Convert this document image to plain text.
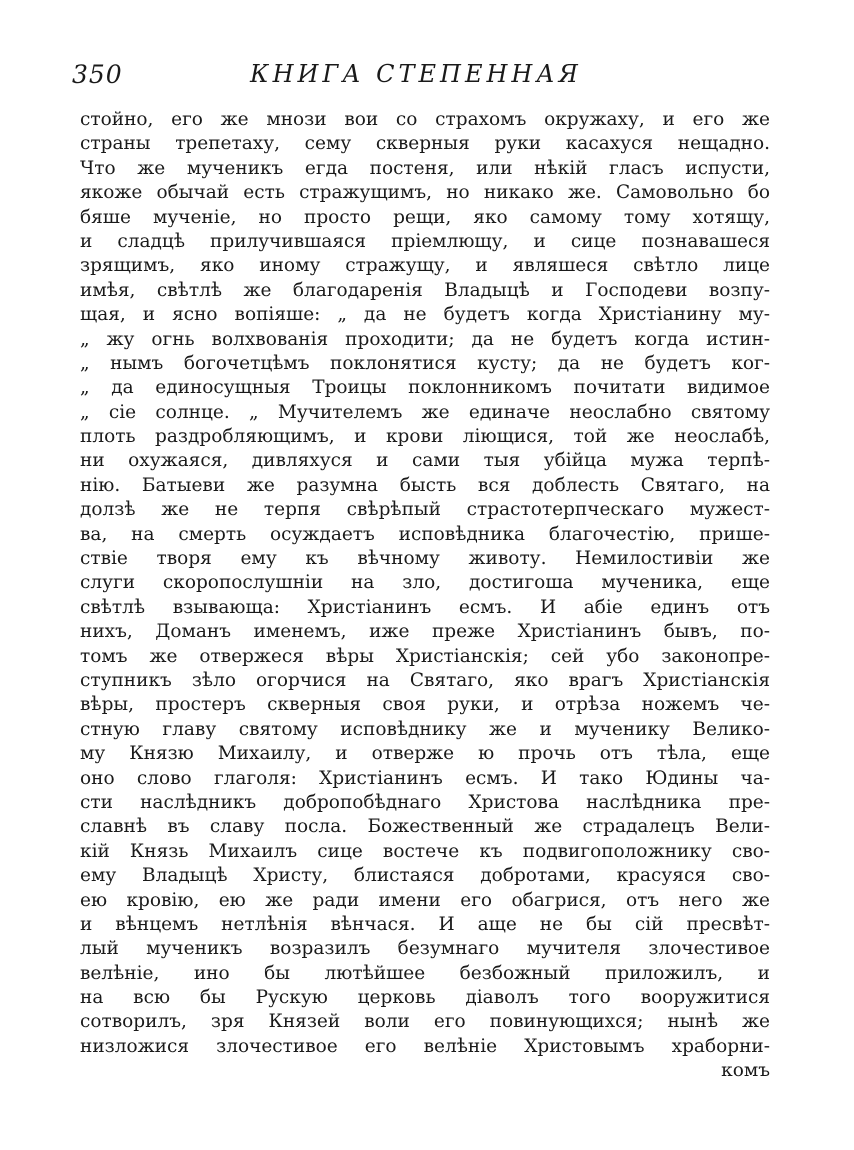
350	КНИГА СТЕПЕННАЯ
стойно, его же мнози вои со страхомъ окружаху, и его же
страны трепетаху, сему скверныя руки касахуся нещадно.
Что же мученикъ егда постеня, или нѣкій гласъ испусти,
якоже обычай есть стражущимъ, но никако же. Самовольно бо
бяше мученіе, но просто рещи, яко самому тому хотящу,
и сладцѣ прилучившаяся пріемлющу, и сице познавашеся
зрящимъ, яко иному стражущу, и являшеся свѣтло лице
имѣя, свѣтлѣ же благодаренія Владыцѣ и Господеви возпу-
щая, и ясно вопіяше: „ да не будетъ когда Христіанину му-
„ жу огнь волхвованія проходити; да не будетъ когда истин-
„ нымъ богочетцѣмъ поклонятися кусту; да не будетъ ког-
„ да единосущныя Троицы поклонникомъ почитати видимое
„ сіе солнце. „ Мучителемъ же единаче неослабно святому
плоть раздробляющимъ, и крови ліющися, той же неослабѣ,
ни охужаяся, дивляхуся и сами тыя убійца мужа терпѣ-
нію. Батыеви же разумна бысть вся доблесть Святаго, на
долзѣ же не терпя свѣрѣпый страстотерпческаго мужест-
ва, на смерть осуждаетъ исповѣдника благочестію, прише-
ствіе творя ему къ вѣчному животу. Немилостивіи же
слуги скоропослушніи на зло, достигоша мученика, еще
свѣтлѣ взывающа: Христіанинъ есмъ. И абіе единъ отъ
нихъ, Доманъ именемъ, иже преже Христіанинъ бывъ, по-
томъ же отвержеся вѣры Христіанскія; сей убо законопре-
ступникъ зѣло огорчися на Святаго, яко врагъ Христіанскія
вѣры, простеръ скверныя своя руки, и отрѣза ножемъ че-
стную главу святому исповѣднику же и мученику Велико-
му Князю Михаилу, и отверже ю прочь отъ тѣла, еще
оно слово глаголя: Христіанинъ есмъ. И тако Юдины ча-
сти наслѣдникъ добропобѣднаго Христова наслѣдника пре-
славнѣ въ славу посла. Божественный же страдалецъ Вели-
кій Князь Михаилъ сице востече къ подвигоположнику сво-
ему Владыцѣ Христу, блистаяся добротами, красуяся сво-
ею кровію, ею же ради имени его обагрися, отъ него же
и вѣнцемъ нетлѣнія вѣнчася. И аще не бы сій пресвѣт-
лый мученикъ возразилъ безумнаго мучителя злочестивое
велѣніе, ино бы лютѣйшее безбожный приложилъ, и
на всю бы Рускую церковь діаволъ того вооружитися
сотворилъ, зря Князей воли его повинующихся; нынѣ же
низложися злочестивое его велѣніе Христовымъ храборни-
комъ
